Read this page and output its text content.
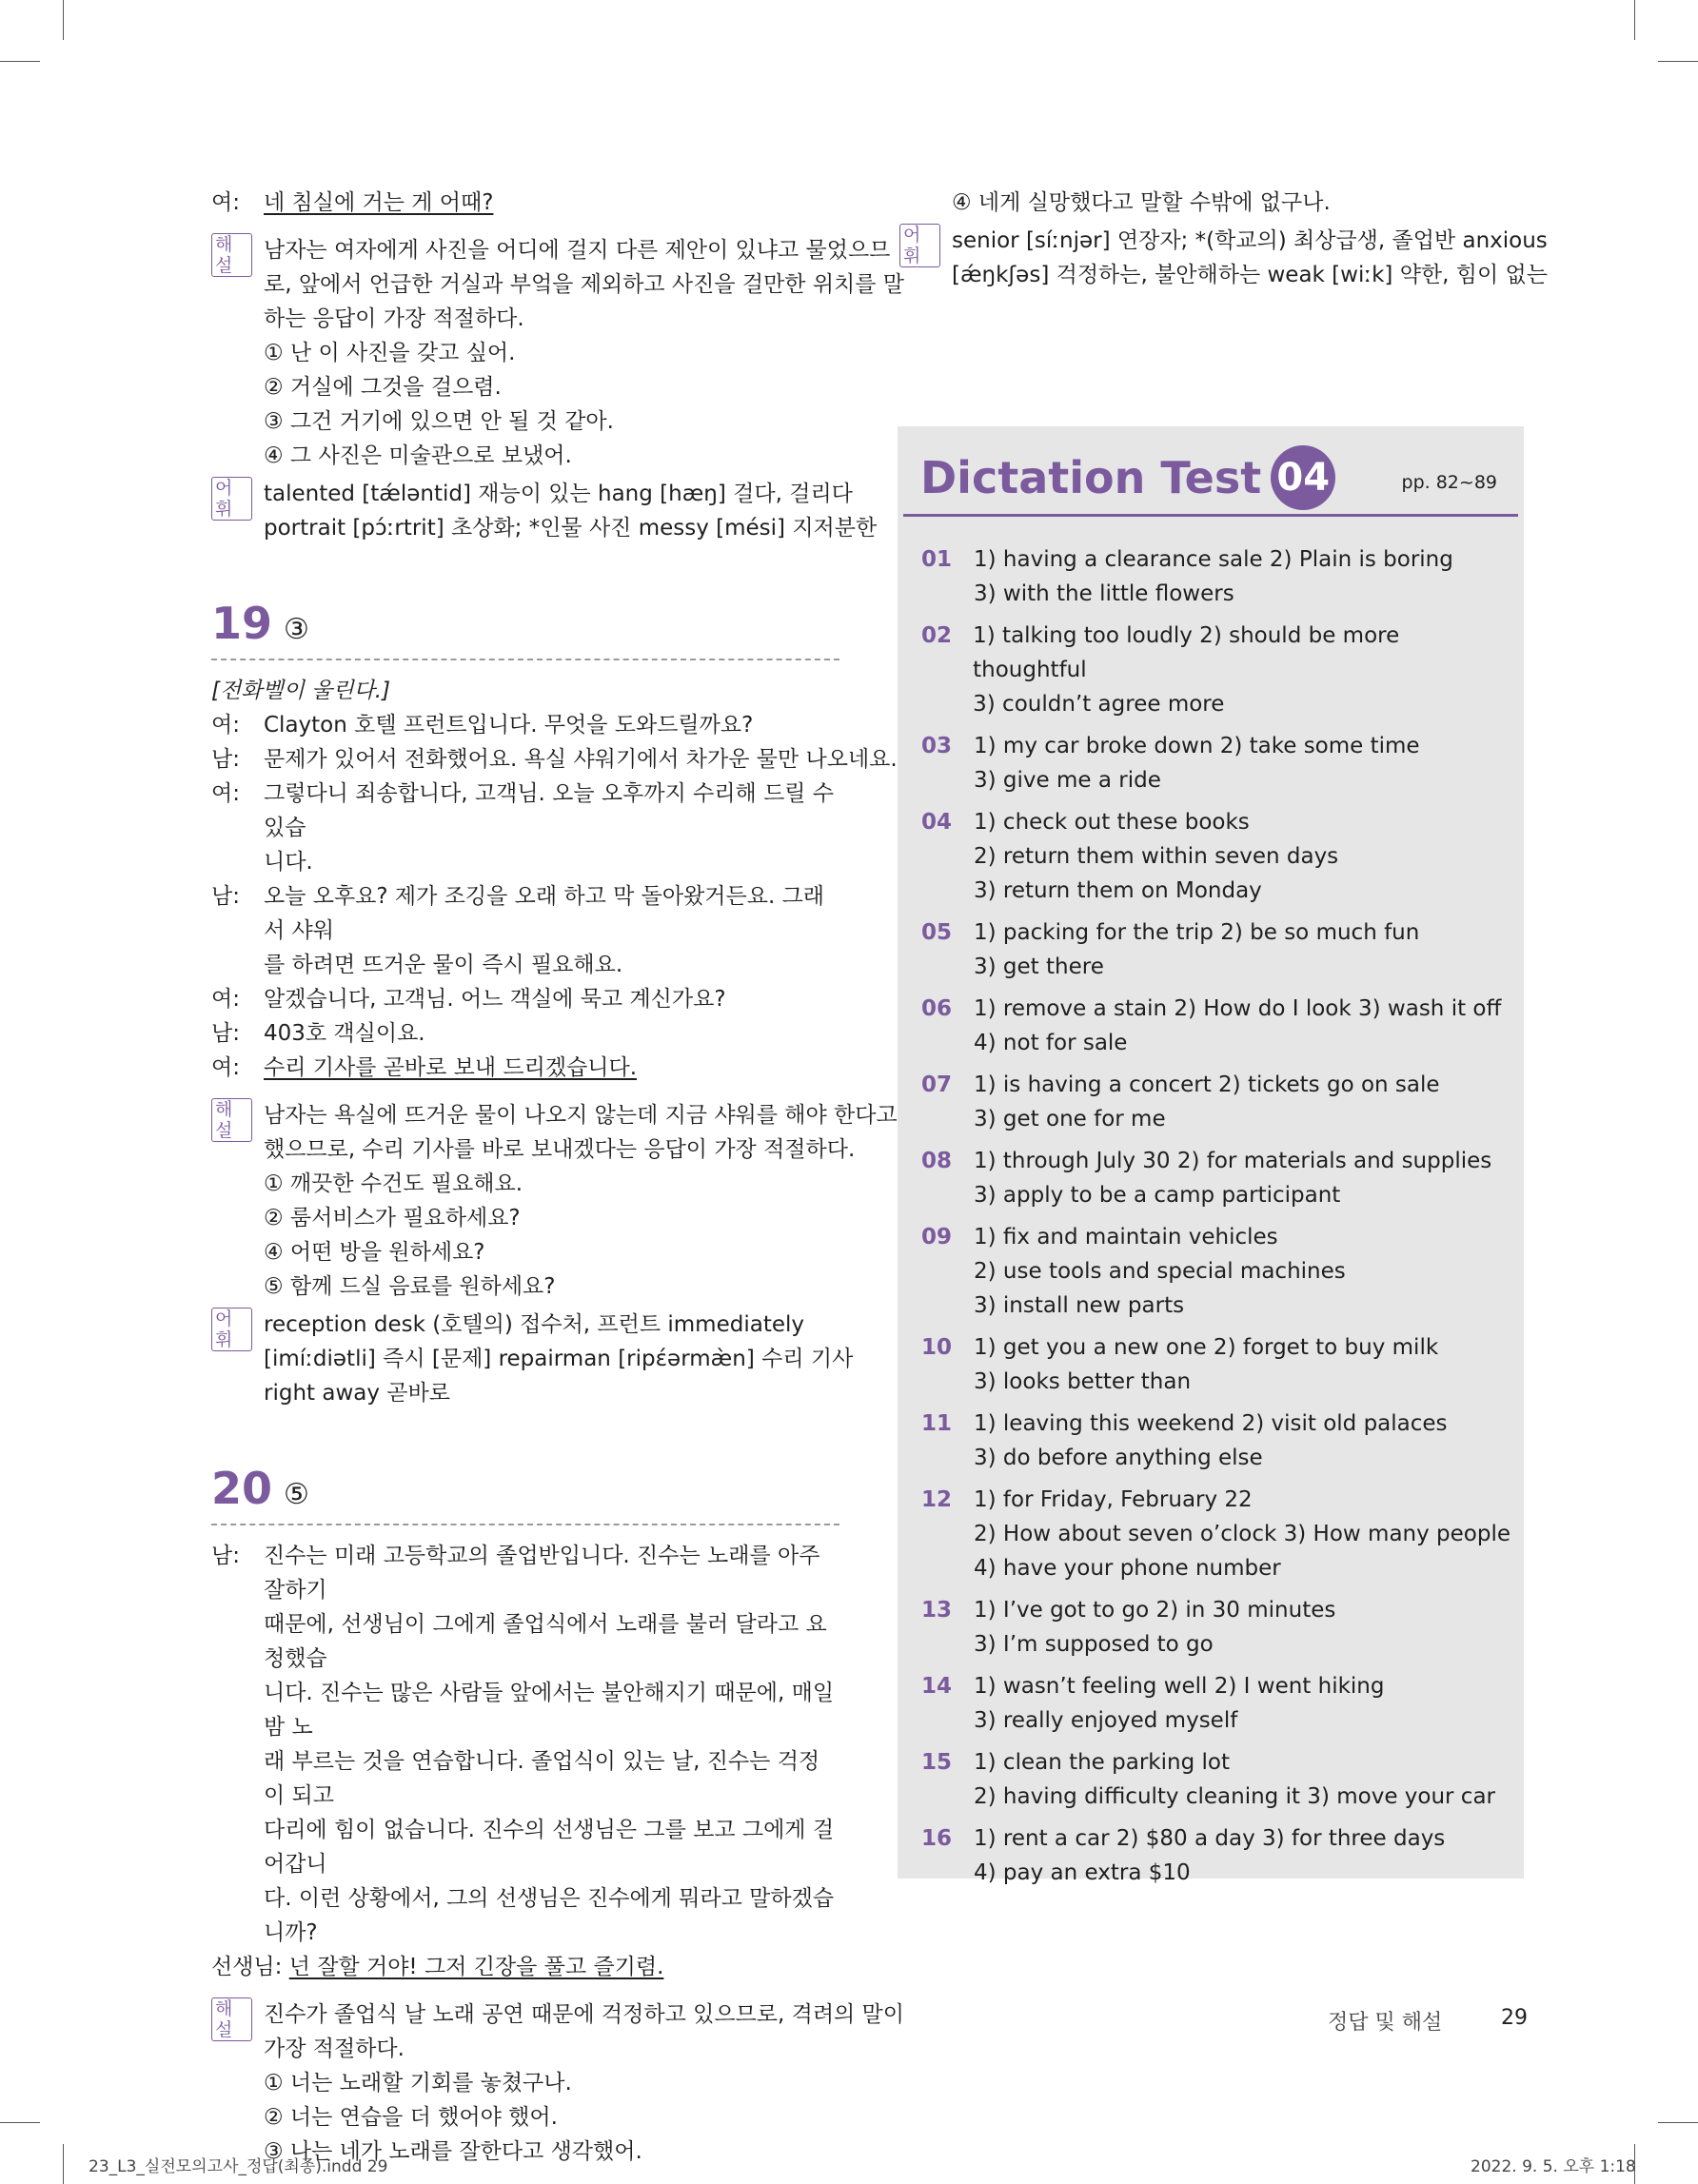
여:	네 침실에 거는 게 어때?
해설
남자는 여자에게 사진을 어디에 걸지 다른 제안이 있냐고 물었으므
로, 앞에서 언급한 거실과 부엌을 제외하고 사진을 걸만한 위치를 말
하는 응답이 가장 적절하다.
① 난 이 사진을 갖고 싶어.
② 거실에 그것을 걸으렴.
③ 그건 거기에 있으면 안 될 것 같아.
④ 그 사진은 미술관으로 보냈어.
어휘
talented [tǽləntid] 재능이 있는 hang [hæŋ] 걸다, 걸리다
portrait [pɔ́ːrtrit] 초상화; *인물 사진 messy [mési] 지저분한
19 ③
[전화벨이 울린다.]
여:	Clayton 호텔 프런트입니다. 무엇을 도와드릴까요?
남:	문제가 있어서 전화했어요. 욕실 샤워기에서 차가운 물만 나오네요.
여:	그렇다니 죄송합니다, 고객님. 오늘 오후까지 수리해 드릴 수 있습
니다.
남:	오늘 오후요? 제가 조깅을 오래 하고 막 돌아왔거든요. 그래서 샤워
를 하려면 뜨거운 물이 즉시 필요해요.
여:	알겠습니다, 고객님. 어느 객실에 묵고 계신가요?
남:	403호 객실이요.
여:	수리 기사를 곧바로 보내 드리겠습니다.
해설
남자는 욕실에 뜨거운 물이 나오지 않는데 지금 샤워를 해야 한다고
했으므로, 수리 기사를 바로 보내겠다는 응답이 가장 적절하다.
① 깨끗한 수건도 필요해요.
② 룸서비스가 필요하세요?
④ 어떤 방을 원하세요?
⑤ 함께 드실 음료를 원하세요?
어휘
reception desk (호텔의) 접수처, 프런트 immediately
[imíːdiətli] 즉시 [문제] repairman [ripɛ́ərmæ̀n] 수리 기사
right away 곧바로
20 ⑤
남:	진수는 미래 고등학교의 졸업반입니다. 진수는 노래를 아주 잘하기
때문에, 선생님이 그에게 졸업식에서 노래를 불러 달라고 요청했습
니다. 진수는 많은 사람들 앞에서는 불안해지기 때문에, 매일 밤 노
래 부르는 것을 연습합니다. 졸업식이 있는 날, 진수는 걱정이 되고
다리에 힘이 없습니다. 진수의 선생님은 그를 보고 그에게 걸어갑니
다. 이런 상황에서, 그의 선생님은 진수에게 뭐라고 말하겠습니까?
선생님: 넌 잘할 거야! 그저 긴장을 풀고 즐기렴.
해설
진수가 졸업식 날 노래 공연 때문에 걱정하고 있으므로, 격려의 말이
가장 적절하다.
① 너는 노래할 기회를 놓쳤구나.
② 너는 연습을 더 했어야 했어.
③ 나는 네가 노래를 잘한다고 생각했어.
④ 네게 실망했다고 말할 수밖에 없구나.
어휘
senior [síːnjər] 연장자; *(학교의) 최상급생, 졸업반 anxious
[ǽŋkʃəs] 걱정하는, 불안해하는 weak [wiːk] 약한, 힘이 없는
Dictation Test 04	pp. 82~89
01 1) having a clearance sale 2) Plain is boring
3) with the little flowers
02 1) talking too loudly 2) should be more thoughtful
3) couldn’t agree more
03 1) my car broke down 2) take some time
3) give me a ride
04 1) check out these books
2) return them within seven days
3) return them on Monday
05 1) packing for the trip 2) be so much fun
3) get there
06 1) remove a stain 2) How do I look 3) wash it off
4) not for sale
07 1) is having a concert 2) tickets go on sale
3) get one for me
08 1) through July 30 2) for materials and supplies
3) apply to be a camp participant
09 1) fix and maintain vehicles
2) use tools and special machines
3) install new parts
10 1) get you a new one 2) forget to buy milk
3) looks better than
11 1) leaving this weekend 2) visit old palaces
3) do before anything else
12 1) for Friday, February 22
2) How about seven o’clock 3) How many people
4) have your phone number
13 1) I’ve got to go 2) in 30 minutes
3) I’m supposed to go
14 1) wasn’t feeling well 2) I went hiking
3) really enjoyed myself
15 1) clean the parking lot
2) having difficulty cleaning it 3) move your car
16 1) rent a car 2) $80 a day 3) for three days
4) pay an extra $10
정답 및 해설	29
23_L3_실전모의고사_정답(최종).indd 29	2022. 9. 5. 오후 1:18
